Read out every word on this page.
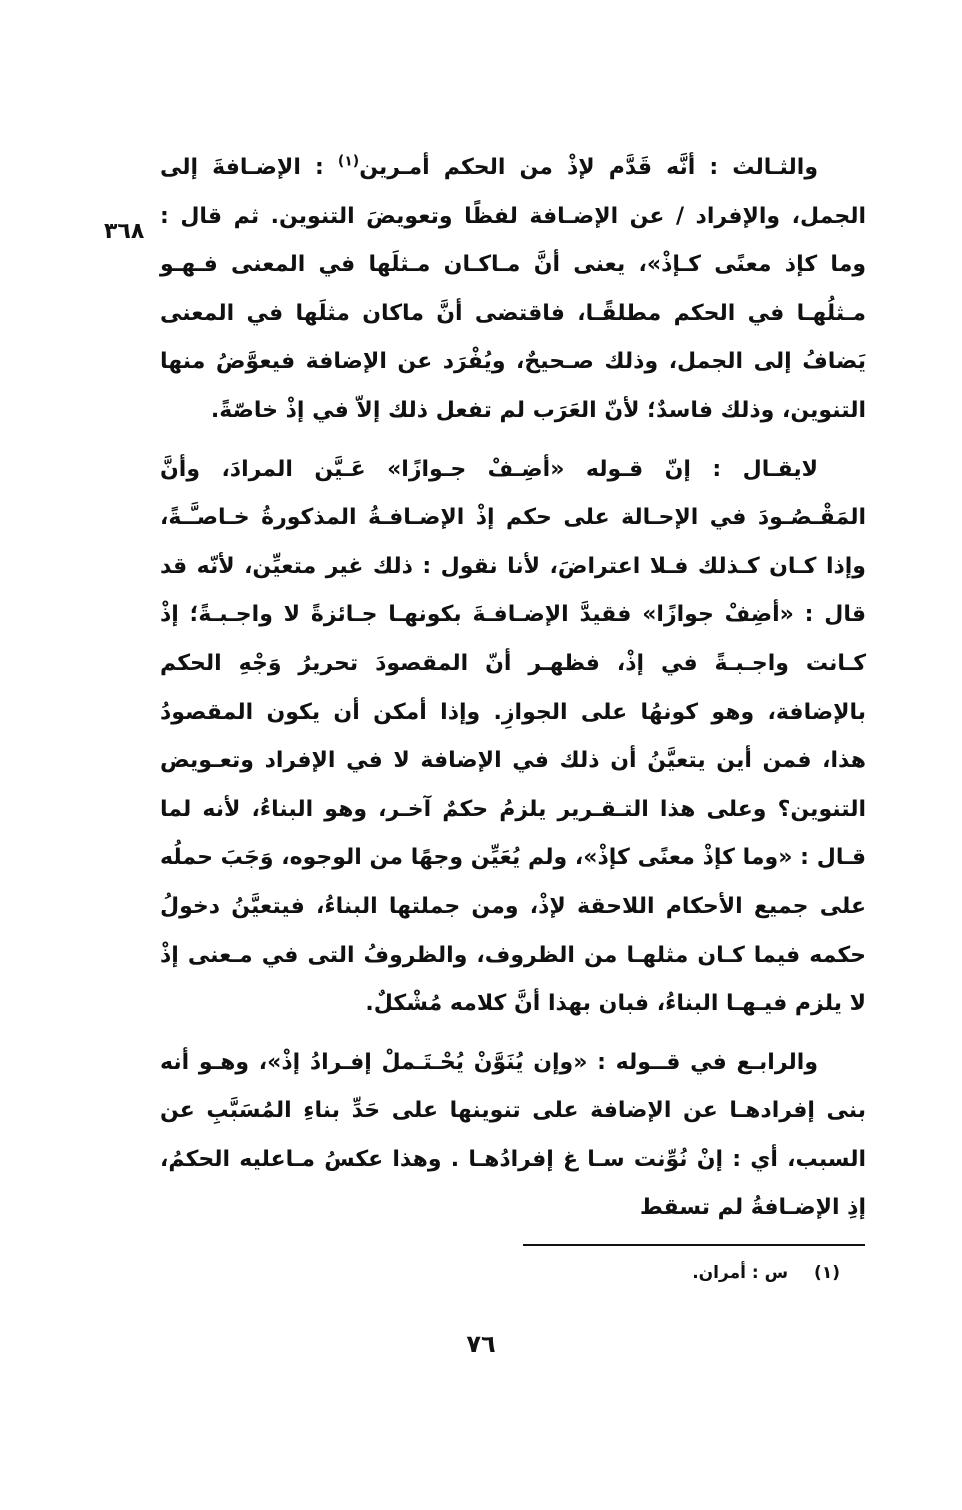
٣٦٨

والثـالث : أنَّه قَدَّم لإذْ من الحكم أمـرين$^{(١)}$ : الإضـافةَ إلى الجمل، والإفراد / عن الإضـافة لفظًا وتعويضَ التنوين. ثم قال : وما كإذ معنًى كـإذْ»، يعنى أنَّ مـاكـان مـثلَها في المعنى فـهـو مـثلُهـا في الحكم مطلقًـا، فاقتضى أنَّ ماكان مثلَها في المعنى يَضافُ إلى الجمل، وذلك صـحيحٌ، ويُفْرَد عن الإضافة فيعوَّضُ منها التنوين، وذلك فاسدٌ؛ لأنّ العَرَب لم تفعل ذلك إلاّ في إذْ خاصّةً.

لايقـال : إنّ قـوله «أضِـفْ جـوازًا» عَـيَّن المرادَ، وأنَّ المَقْـصُـودَ في الإحـالة على حكم إذْ الإضـافـةُ المذكورةُ خـاصـَّـةً، وإذا كـان كـذلك فـلا اعتراضَ، لأنا نقول : ذلك غير متعيِّن، لأنّه قد قال : «أضِفْ جوازًا» فقيدَّ الإضـافـةَ بكونهـا جـائزةً لا واجـبـةً؛ إذْ كـانت واجـبـةً في إذْ، فظهـر أنّ المقصودَ تحريرُ وَجْهِ الحكم بالإضافة، وهو كونهُا على الجوازِ. وإذا أمكن أن يكون المقصودُ هذا، فمن أين يتعيَّنُ أن ذلك في الإضافة لا في الإفراد وتعـويض التنوين؟ وعلى هذا التـقـرير يلزمُ حكمٌ آخـر، وهو البناءُ، لأنه لما قـال : «وما كإذْ معنًى كإذْ»، ولم يُعَيِّن وجهًا من الوجوه، وَجَبَ حملُه على جميع الأحكام اللاحقة لإذْ، ومن جملتها البناءُ، فيتعيَّنُ دخولُ حكمه فيما كـان مثلهـا من الظروف، والظروفُ التى في مـعنى إذْ لا يلزم فيـهـا البناءُ، فبان بهذا أنَّ كلامه مُشْكلٌ.

والرابـع في قــوله : «وإن يُنَوَّنْ يُحْـتَـملْ إفـرادُ إذْ»، وهـو أنه بنى إفرادهـا عن الإضافة على تنوينها على حَدِّ بناءِ المُسَبَّبِ عن السبب، أي : إنْ نُوِّنت سـا غ إفرادُهـا . وهذا عكسُ مـاعليه الحكمُ، إذِ الإضـافةُ لم تسقط

(١)س : أمران.
٧٦
